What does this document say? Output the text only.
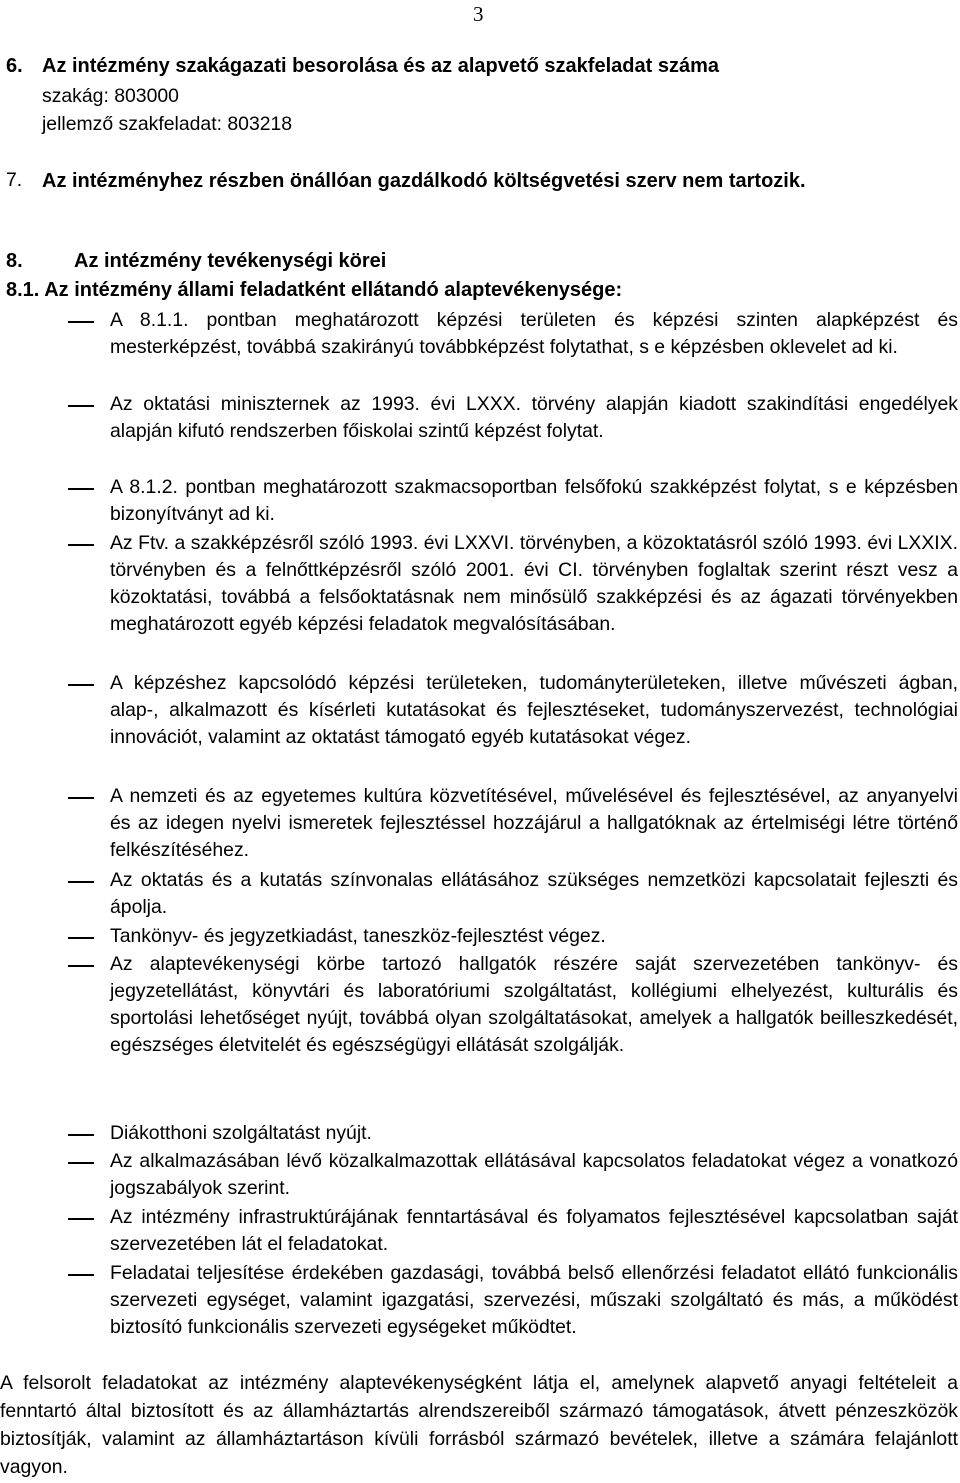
3
6. Az intézmény szakágazati besorolása és az alapvető szakfeladat száma
szakág: 803000
jellemző szakfeladat: 803218
7. Az intézményhez részben önállóan gazdálkodó költségvetési szerv nem tartozik.
8.	Az intézmény tevékenységi körei
8.1. Az intézmény állami feladatként ellátandó alaptevékenysége:
A 8.1.1. pontban meghatározott képzési területen és képzési szinten alapképzést és mesterképzést, továbbá szakirányú továbbképzést folytathat, s e képzésben oklevelet ad ki.
Az oktatási miniszternek az 1993. évi LXXX. törvény alapján kiadott szakindítási engedélyek alapján kifutó rendszerben főiskolai szintű képzést folytat.
A 8.1.2. pontban meghatározott szakmacsoportban felsőfokú szakképzést folytat, s e képzésben bizonyítványt ad ki.
Az Ftv. a szakképzésről szóló 1993. évi LXXVI. törvényben, a közoktatásról szóló 1993. évi LXXIX. törvényben és a felnőttképzésről szóló 2001. évi CI. törvényben foglaltak szerint részt vesz a közoktatási, továbbá a felsőoktatásnak nem minősülő szakképzési és az ágazati törvényekben meghatározott egyéb képzési feladatok megvalósításában.
A képzéshez kapcsolódó képzési területeken, tudományterületeken, illetve művészeti ágban, alap-, alkalmazott és kísérleti kutatásokat és fejlesztéseket, tudományszervezést, technológiai innovációt, valamint az oktatást támogató egyéb kutatásokat végez.
A nemzeti és az egyetemes kultúra közvetítésével, művelésével és fejlesztésével, az anyanyelvi és az idegen nyelvi ismeretek fejlesztéssel hozzájárul a hallgatóknak az értelmiségi létre történő felkészítéséhez.
Az oktatás és a kutatás színvonalas ellátásához szükséges nemzetközi kapcsolatait fejleszti és ápolja.
Tankönyv- és jegyzetkiadást, taneszköz-fejlesztést végez.
Az alaptevékenységi körbe tartozó hallgatók részére saját szervezetében tankönyv- és jegyzetellátást, könyvtári és laboratóriumi szolgáltatást, kollégiumi elhelyezést, kulturális és sportolási lehetőséget nyújt, továbbá olyan szolgáltatásokat, amelyek a hallgatók beilleszkedését, egészséges életvitelét és egészségügyi ellátását szolgálják.
Diákotthoni szolgáltatást nyújt.
Az alkalmazásában lévő közalkalmazottak ellátásával kapcsolatos feladatokat végez a vonatkozó jogszabályok szerint.
Az intézmény infrastruktúrájának fenntartásával és folyamatos fejlesztésével kapcsolatban saját szervezetében lát el feladatokat.
Feladatai teljesítése érdekében gazdasági, továbbá belső ellenőrzési feladatot ellátó funkcionális szervezeti egységet, valamint igazgatási, szervezési, műszaki szolgáltató és más, a működést biztosító funkcionális szervezeti egységeket működtet.
A felsorolt feladatokat az intézmény alaptevékenységként látja el, amelynek alapvető anyagi feltételeit a fenntartó által biztosított és az államháztartás alrendszereiből származó támogatások, átvett pénzeszközök biztosítják, valamint az államháztartáson kívüli forrásból származó bevételek, illetve a számára felajánlott vagyon.
